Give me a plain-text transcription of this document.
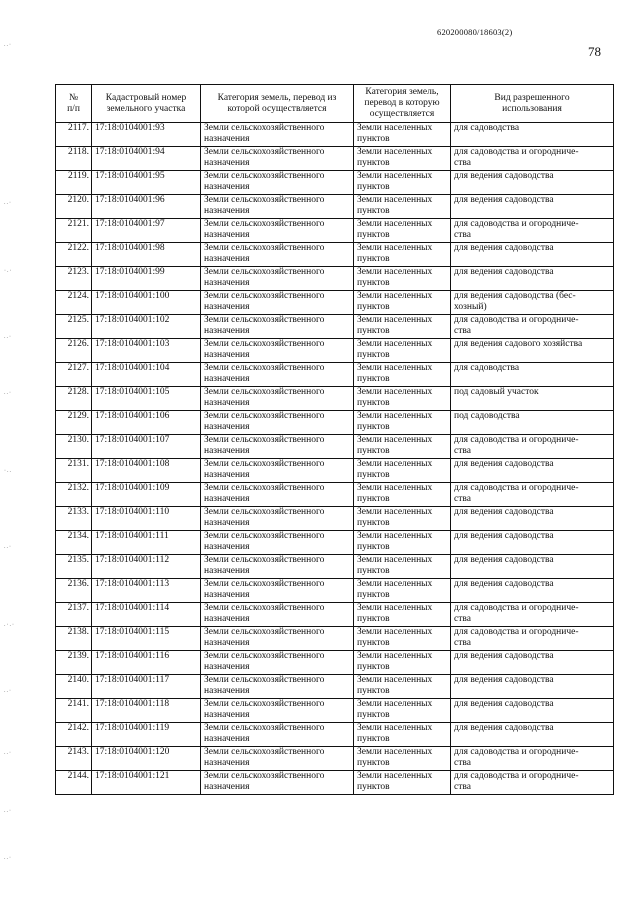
620200080/18603(2)
78
..·
..·
·.·
..·
..·
·..
..·
.·.·
..·
..·
..·
..·
№
п/п	Кадастровый номер
земельного участка	Категория земель, перевод из
которой осуществляется	Категория земель,
перевод в которую
осуществляется	Вид разрешенного
использования
2117.	17:18:0104001:93	Земли сельскохозяйственного
назначения	Земли населенных
пунктов	для садоводства
2118.	17:18:0104001:94	Земли сельскохозяйственного
назначения	Земли населенных
пунктов	для садоводства и огородниче-
ства
2119.	17:18:0104001:95	Земли сельскохозяйственного
назначения	Земли населенных
пунктов	для ведения садоводства
2120.	17:18:0104001:96	Земли сельскохозяйственного
назначения	Земли населенных
пунктов	для ведения садоводства
2121.	17:18:0104001:97	Земли сельскохозяйственного
назначения	Земли населенных
пунктов	для садоводства и огородниче-
ства
2122.	17:18:0104001:98	Земли сельскохозяйственного
назначения	Земли населенных
пунктов	для ведения садоводства
2123.	17:18:0104001:99	Земли сельскохозяйственного
назначения	Земли населенных
пунктов	для ведения садоводства
2124.	17:18:0104001:100	Земли сельскохозяйственного
назначения	Земли населенных
пунктов	для ведения садоводства (бес-
хозный)
2125.	17:18:0104001:102	Земли сельскохозяйственного
назначения	Земли населенных
пунктов	для садоводства и огородниче-
ства
2126.	17:18:0104001:103	Земли сельскохозяйственного
назначения	Земли населенных
пунктов	для ведения садового хозяйства
2127.	17:18:0104001:104	Земли сельскохозяйственного
назначения	Земли населенных
пунктов	для садоводства
2128.	17:18:0104001:105	Земли сельскохозяйственного
назначения	Земли населенных
пунктов	под садовый участок
2129.	17:18:0104001:106	Земли сельскохозяйственного
назначения	Земли населенных
пунктов	под садоводства
2130.	17:18:0104001:107	Земли сельскохозяйственного
назначения	Земли населенных
пунктов	для садоводства и огородниче-
ства
2131.	17:18:0104001:108	Земли сельскохозяйственного
назначения	Земли населенных
пунктов	для ведения садоводства
2132.	17:18:0104001:109	Земли сельскохозяйственного
назначения	Земли населенных
пунктов	для садоводства и огородниче-
ства
2133.	17:18:0104001:110	Земли сельскохозяйственного
назначения	Земли населенных
пунктов	для ведения садоводства
2134.	17:18:0104001:111	Земли сельскохозяйственного
назначения	Земли населенных
пунктов	для ведения садоводства
2135.	17:18:0104001:112	Земли сельскохозяйственного
назначения	Земли населенных
пунктов	для ведения садоводства
2136.	17:18:0104001:113	Земли сельскохозяйственного
назначения	Земли населенных
пунктов	для ведения садоводства
2137.	17:18:0104001:114	Земли сельскохозяйственного
назначения	Земли населенных
пунктов	для садоводства и огородниче-
ства
2138.	17:18:0104001:115	Земли сельскохозяйственного
назначения	Земли населенных
пунктов	для садоводства и огородниче-
ства
2139.	17:18:0104001:116	Земли сельскохозяйственного
назначения	Земли населенных
пунктов	для ведения садоводства
2140.	17:18:0104001:117	Земли сельскохозяйственного
назначения	Земли населенных
пунктов	для ведения садоводства
2141.	17:18:0104001:118	Земли сельскохозяйственного
назначения	Земли населенных
пунктов	для ведения садоводства
2142.	17:18:0104001:119	Земли сельскохозяйственного
назначения	Земли населенных
пунктов	для ведения садоводства
2143.	17:18:0104001:120	Земли сельскохозяйственного
назначения	Земли населенных
пунктов	для садоводства и огородниче-
ства
2144.	17:18:0104001:121	Земли сельскохозяйственного
назначения	Земли населенных
пунктов	для садоводства и огородниче-
ства
